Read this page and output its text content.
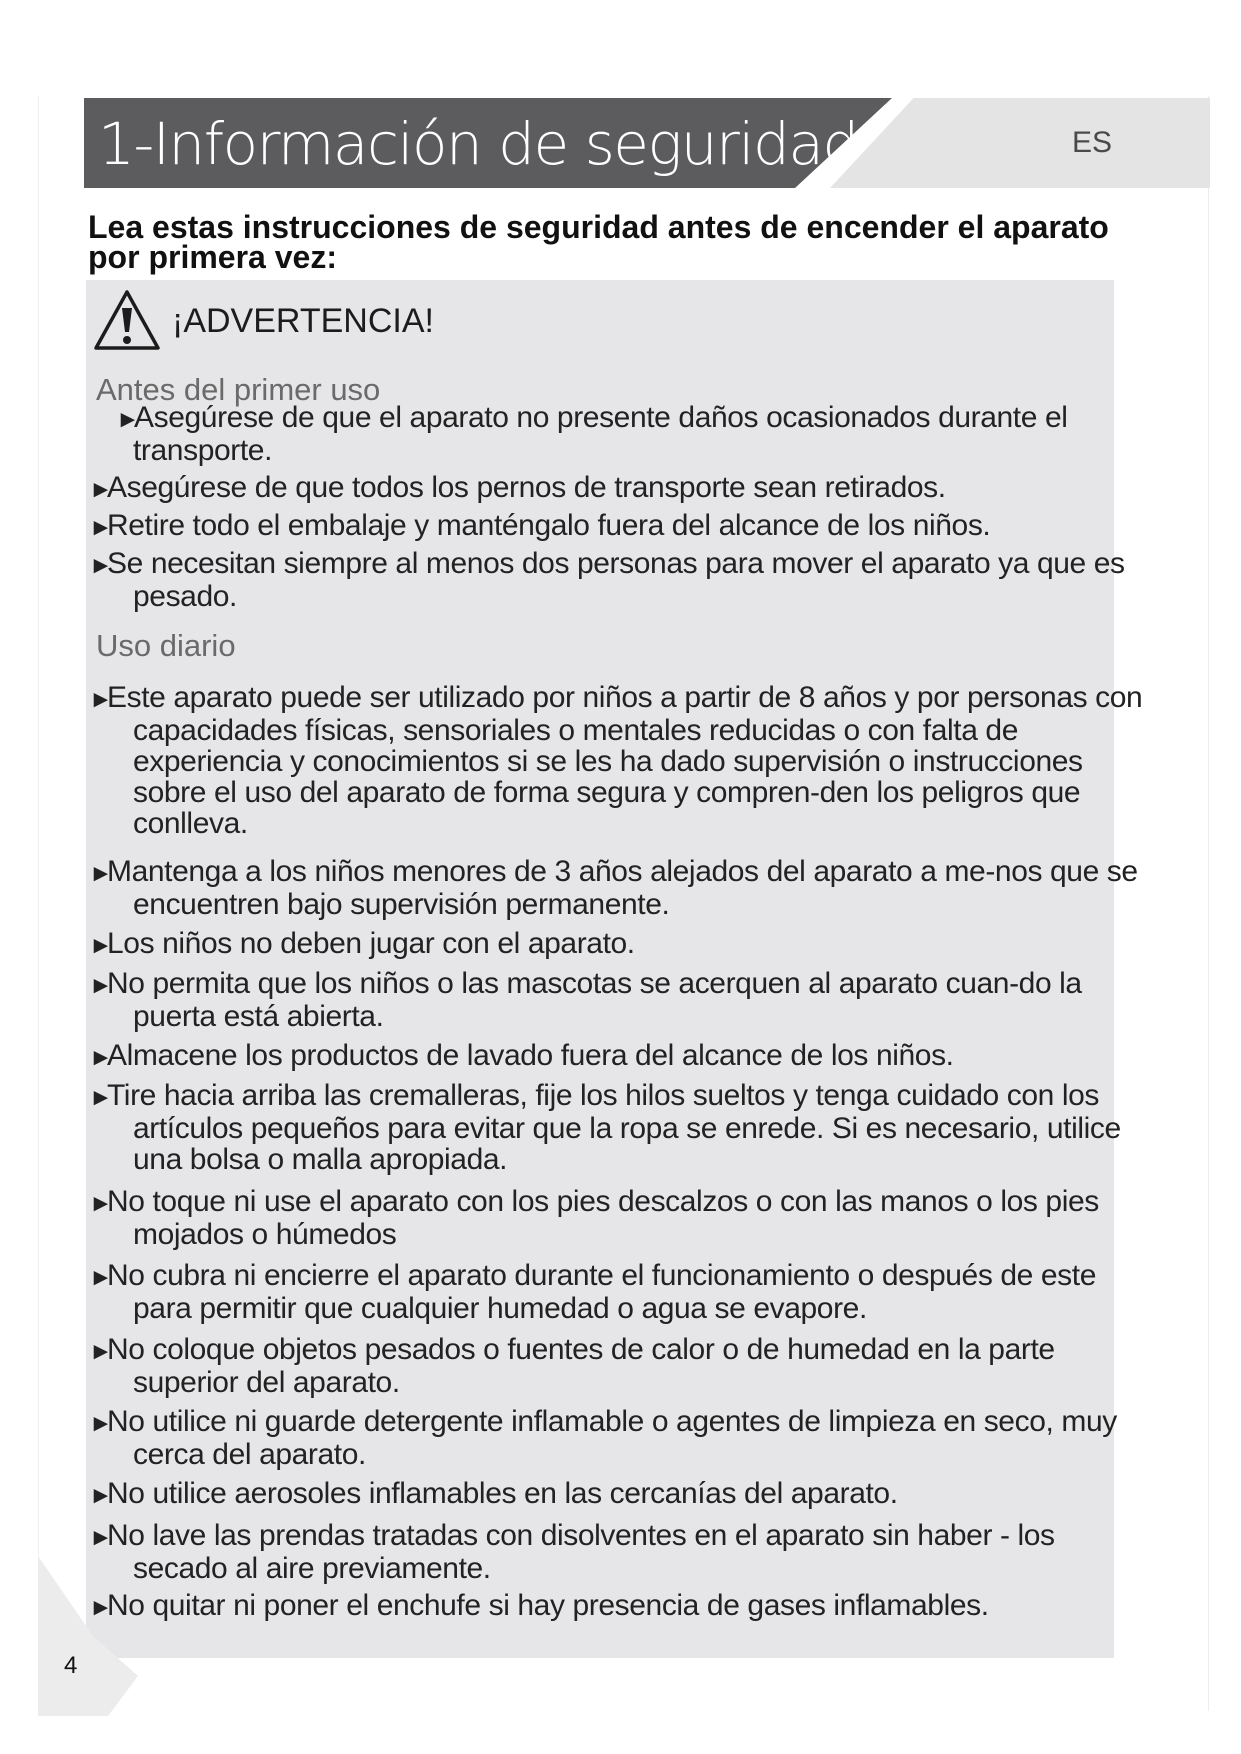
1-Información de seguridad	ES

Lea estas instrucciones de seguridad antes de encender el aparato por primera vez:

¡ADVERTENCIA!
Antes del primer uso

►Asegúrese de que el aparato no presente daños ocasionados durante el transporte.

►Asegúrese de que todos los pernos de transporte sean retirados.

►Retire todo el embalaje y manténgalo fuera del alcance de los niños.

►Se necesitan siempre al menos dos personas para mover el aparato ya que es pesado.

Uso diario

►Este aparato puede ser utilizado por niños a partir de 8 años y por personas con capacidades físicas, sensoriales o mentales reducidas o con falta de experiencia y conocimientos si se les ha dado supervisión o instrucciones sobre el uso del aparato de forma segura y compren-den los peligros que conlleva.

►Mantenga a los niños menores de 3 años alejados del aparato a me-nos que se encuentren bajo supervisión permanente.

►Los niños no deben jugar con el aparato.

►No permita que los niños o las mascotas se acerquen al aparato cuan-do la puerta está abierta.

►Almacene los productos de lavado fuera del alcance de los niños.

►Tire hacia arriba las cremalleras, fije los hilos sueltos y tenga cuidado con los artículos pequeños para evitar que la ropa se enrede. Si es necesario, utilice una bolsa o malla apropiada.

►No toque ni use el aparato con los pies descalzos o con las manos o los pies mojados o húmedos

►No cubra ni encierre el aparato durante el funcionamiento o después de este para permitir que cualquier humedad o agua se evapore.

►No coloque objetos pesados o fuentes de calor o de humedad en la parte superior del aparato.

►No utilice ni guarde detergente inflamable o agentes de limpieza en seco, muy cerca del aparato.

►No utilice aerosoles inflamables en las cercanías del aparato.

►No lave las prendas tratadas con disolventes en el aparato sin haber - los secado al aire previamente.

►No quitar ni poner el enchufe si hay presencia de gases inflamables.

4
